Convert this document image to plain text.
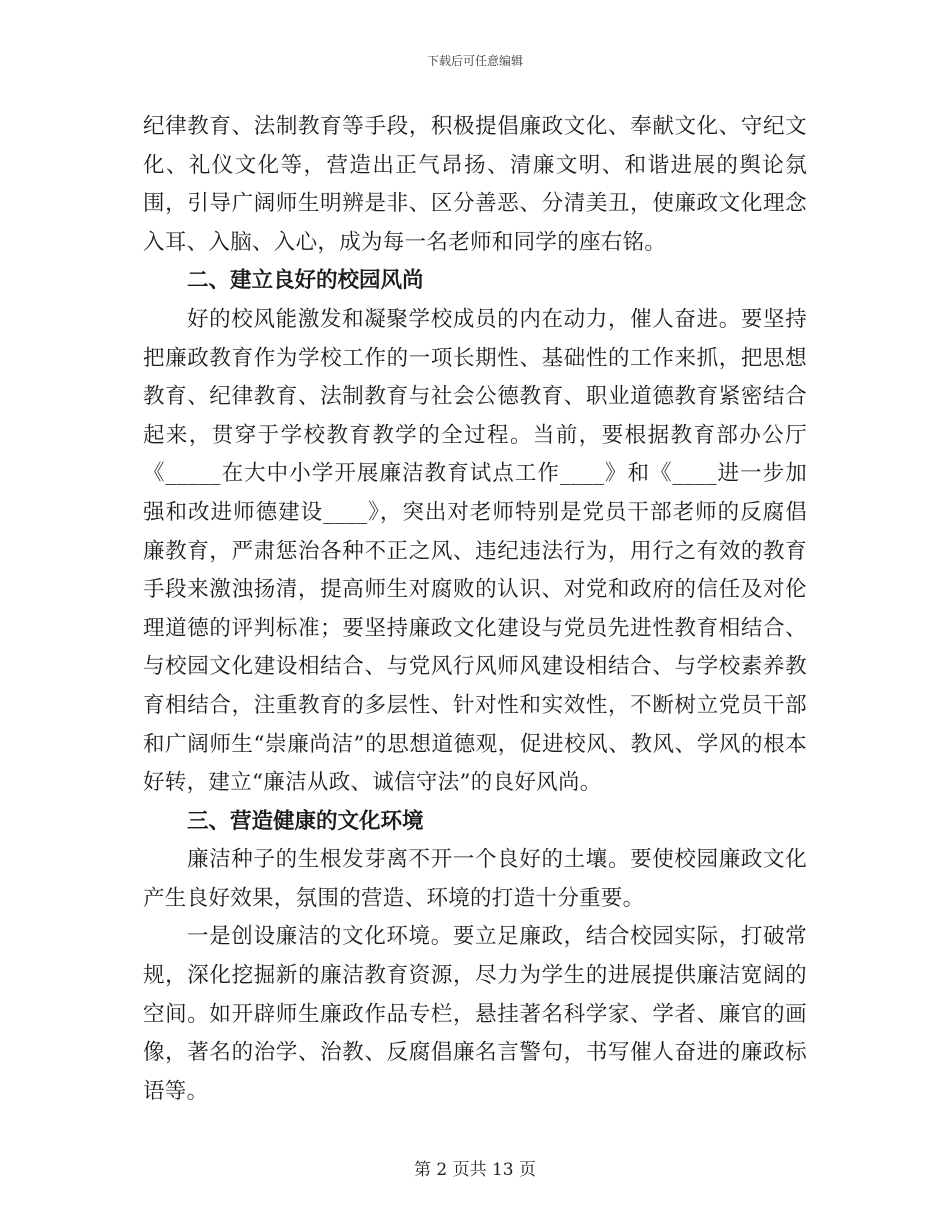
下载后可任意编辑

纪律教育、法制教育等手段，积极提倡廉政文化、奉献文化、守纪文化、礼仪文化等，营造出正气昂扬、清廉文明、和谐进展的舆论氛围，引导广阔师生明辨是非、区分善恶、分清美丑，使廉政文化理念入耳、入脑、入心，成为每一名老师和同学的座右铭。

二、建立良好的校园风尚

好的校风能激发和凝聚学校成员的内在动力，催人奋进。要坚持把廉政教育作为学校工作的一项长期性、基础性的工作来抓，把思想教育、纪律教育、法制教育与社会公德教育、职业道德教育紧密结合起来，贯穿于学校教育教学的全过程。当前，要根据教育部办公厅《_____在大中小学开展廉洁教育试点工作____》和《____进一步加强和改进师德建设____》，突出对老师特别是党员干部老师的反腐倡廉教育，严肃惩治各种不正之风、违纪违法行为，用行之有效的教育手段来激浊扬清，提高师生对腐败的认识、对党和政府的信任及对伦理道德的评判标准；要坚持廉政文化建设与党员先进性教育相结合、与校园文化建设相结合、与党风行风师风建设相结合、与学校素养教育相结合，注重教育的多层性、针对性和实效性，不断树立党员干部和广阔师生“崇廉尚洁”的思想道德观，促进校风、教风、学风的根本好转，建立“廉洁从政、诚信守法”的良好风尚。

三、营造健康的文化环境

廉洁种子的生根发芽离不开一个良好的土壤。要使校园廉政文化产生良好效果，氛围的营造、环境的打造十分重要。

一是创设廉洁的文化环境。要立足廉政，结合校园实际，打破常规，深化挖掘新的廉洁教育资源，尽力为学生的进展提供廉洁宽阔的空间。如开辟师生廉政作品专栏，悬挂著名科学家、学者、廉官的画像，著名的治学、治教、反腐倡廉名言警句，书写催人奋进的廉政标语等。

第 2 页共 13 页
